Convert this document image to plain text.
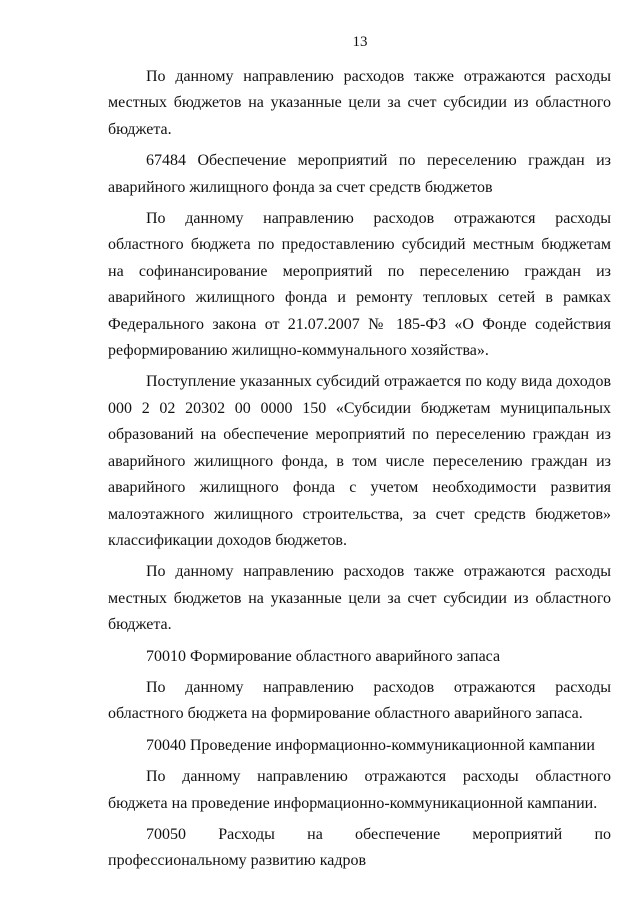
13

По данному направлению расходов также отражаются расходы местных бюджетов на указанные цели за счет субсидии из областного бюджета.

67484 Обеспечение мероприятий по переселению граждан из аварийного жилищного фонда за счет средств бюджетов

По данному направлению расходов отражаются расходы областного бюджета по предоставлению субсидий местным бюджетам на софинансирование мероприятий по переселению граждан из аварийного жилищного фонда и ремонту тепловых сетей в рамках Федерального закона от 21.07.2007 № 185-ФЗ «О Фонде содействия реформированию жилищно-коммунального хозяйства».

Поступление указанных субсидий отражается по коду вида доходов 000 2 02 20302 00 0000 150 «Субсидии бюджетам муниципальных образований на обеспечение мероприятий по переселению граждан из аварийного жилищного фонда, в том числе переселению граждан из аварийного жилищного фонда с учетом необходимости развития малоэтажного жилищного строительства, за счет средств бюджетов» классификации доходов бюджетов.

По данному направлению расходов также отражаются расходы местных бюджетов на указанные цели за счет субсидии из областного бюджета.

70010 Формирование областного аварийного запаса

По данному направлению расходов отражаются расходы областного бюджета на формирование областного аварийного запаса.

70040 Проведение информационно-коммуникационной кампании

По данному направлению отражаются расходы областного бюджета на проведение информационно-коммуникационной кампании.

70050 Расходы на обеспечение мероприятий по профессиональному развитию кадров
